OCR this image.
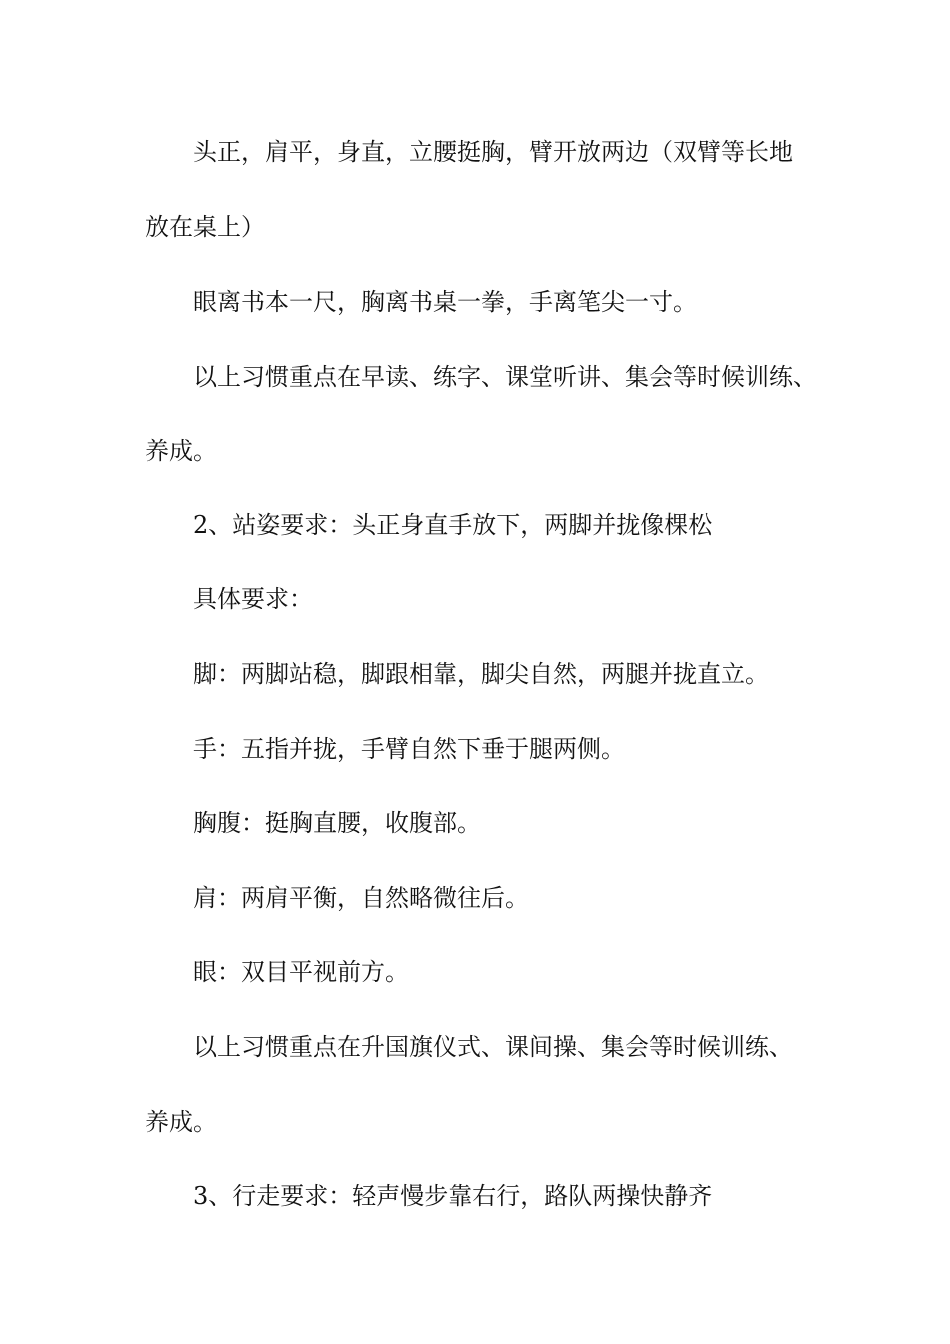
头正，肩平，身直，立腰挺胸，臂开放两边（双臂等长地
放在桌上）
眼离书本一尺，胸离书桌一拳，手离笔尖一寸。
以上习惯重点在早读、练字、课堂听讲、集会等时候训练、
养成。
2、站姿要求：头正身直手放下，两脚并拢像棵松
具体要求：
脚：两脚站稳，脚跟相靠，脚尖自然，两腿并拢直立。
手：五指并拢，手臂自然下垂于腿两侧。
胸腹：挺胸直腰，收腹部。
肩：两肩平衡，自然略微往后。
眼：双目平视前方。
以上习惯重点在升国旗仪式、课间操、集会等时候训练、
养成。
3、行走要求：轻声慢步靠右行，路队两操快静齐
